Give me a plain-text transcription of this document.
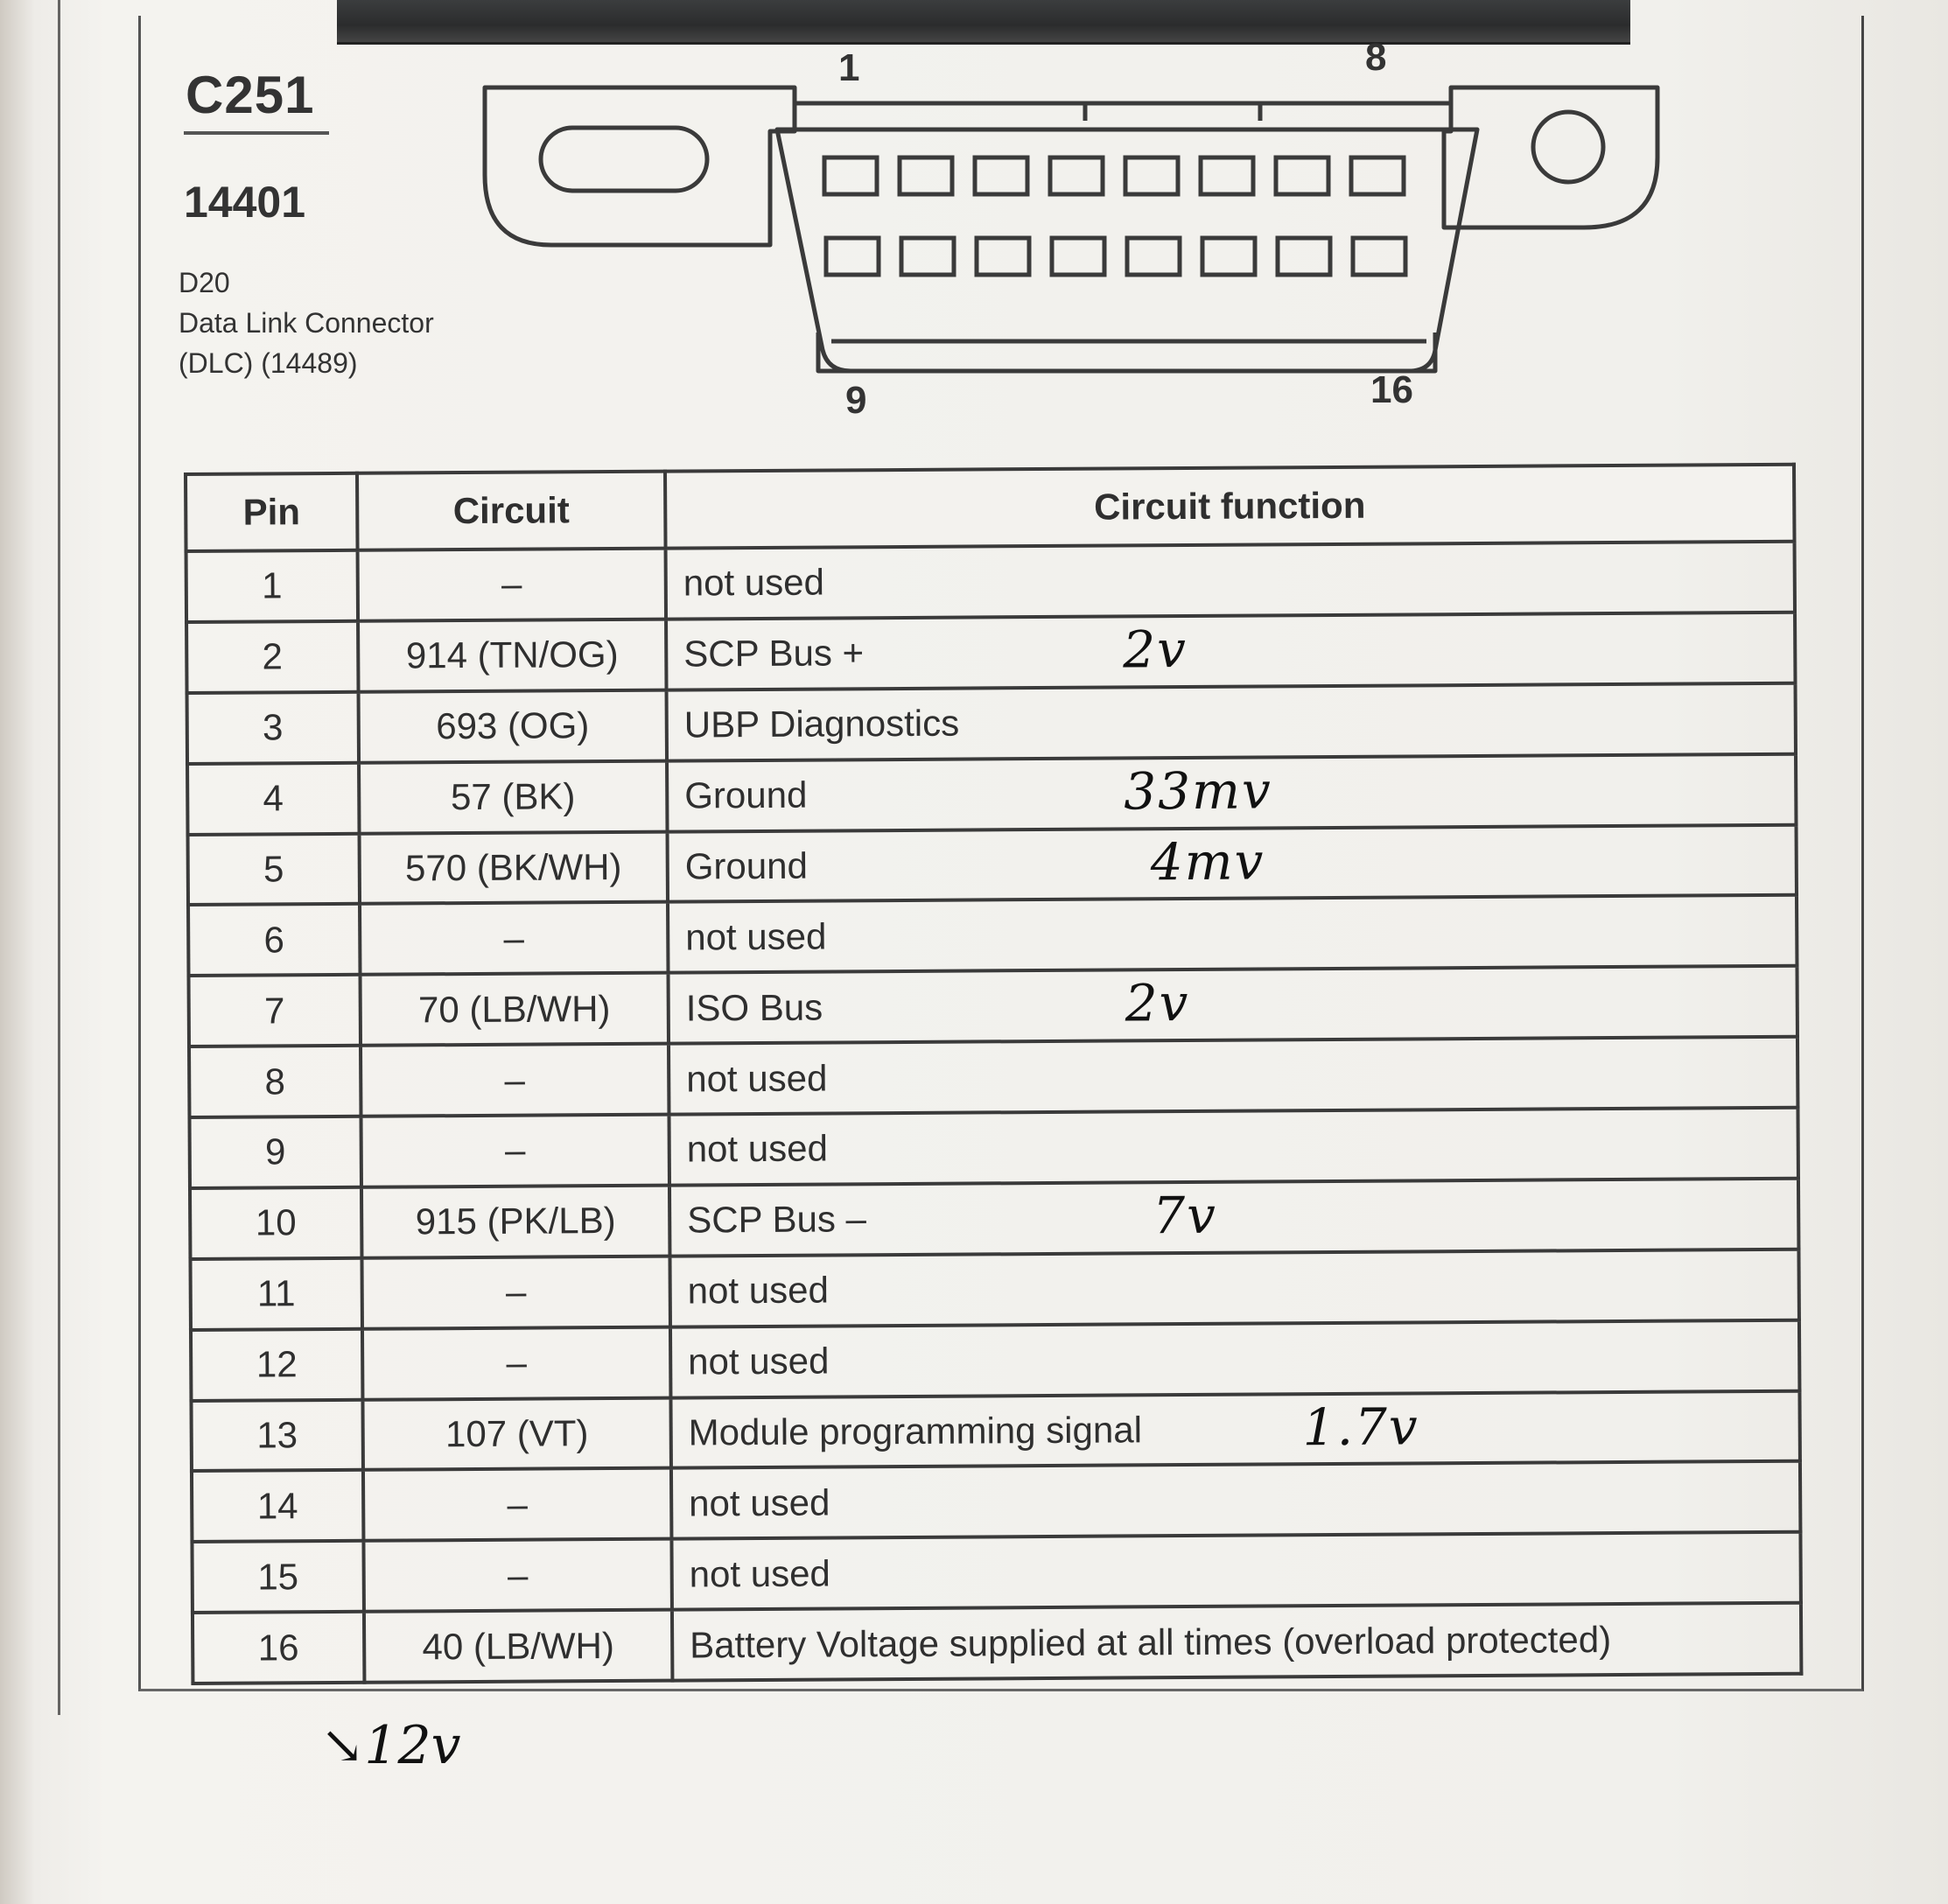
C251
14401
D20
Data Link Connector
(DLC) (14489)
1	8
9	16
Pin	Circuit	Circuit function
1	–	not used
2	914 (TN/OG)	SCP Bus + 2v

3	693 (OG)	UBP Diagnostics
4	57 (BK)	Ground 33mv

5	570 (BK/WH)	Ground 4mv

6	–	not used
7	70 (LB/WH)	ISO Bus 2v

8	–	not used
9	–	not used
10	915 (PK/LB)	SCP Bus – 7v

11	–	not used
12	–	not used
13	107 (VT)	Module programming signal 1.7v

14	–	not used
15	–	not used
16	40 (LB/WH)	Battery Voltage supplied at all times (overload protected)
↘12v
